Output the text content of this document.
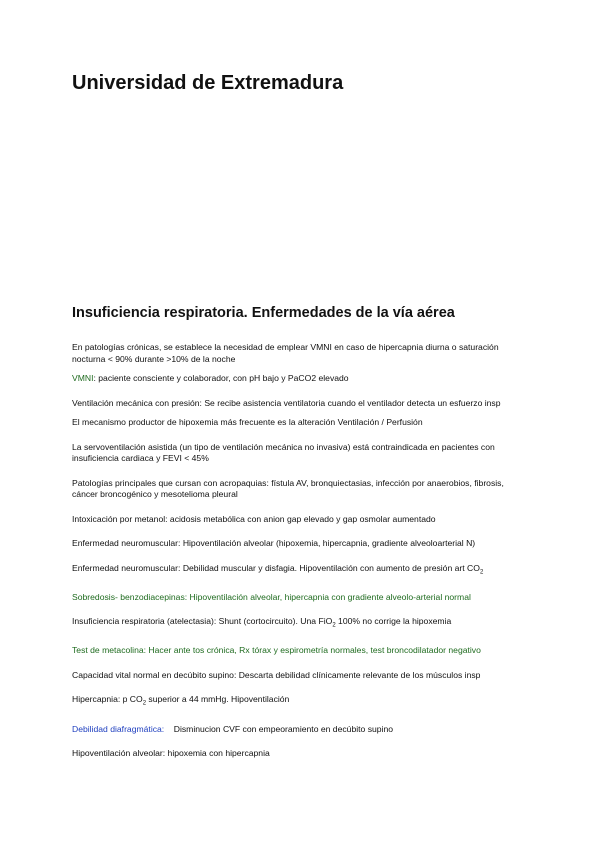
Universidad de Extremadura
Insuficiencia respiratoria. Enfermedades de la vía aérea

En patologías crónicas, se establece la necesidad de emplear VMNI en caso de hipercapnia diurna o saturación nocturna < 90% durante >10% de la noche

VMNI: paciente consciente y colaborador, con pH bajo y PaCO2 elevado

Ventilación mecánica con presión: Se recibe asistencia ventilatoria cuando el ventilador detecta un esfuerzo insp

El mecanismo productor de hipoxemia más frecuente es la alteración Ventilación / Perfusión

La servoventilación asistida (un tipo de ventilación mecánica no invasiva) está contraindicada en pacientes con insuficiencia cardiaca y FEVI < 45%

Patologías principales que cursan con acropaquias: fístula AV, bronquiectasias, infección por anaerobios, fibrosis, cáncer broncogénico y mesotelioma pleural

Intoxicación por metanol: acidosis metabólica con anion gap elevado y gap osmolar aumentado

Enfermedad neuromuscular: Hipoventilación alveolar (hipoxemia, hipercapnia, gradiente alveoloarterial N)

Enfermedad neuromuscular: Debilidad muscular y disfagia. Hipoventilación con aumento de presión art $CO_2$

Sobredosis- benzodiacepinas: Hipoventilación alveolar, hipercapnia con gradiente alveolo-arterial normal

Insuficiencia respiratoria (atelectasia): Shunt (cortocircuito). Una FiO$_2$ 100% no corrige la hipoxemia

Test de metacolina: Hacer ante tos crónica, Rx tórax y espirometría normales, test broncodilatador negativo

Capacidad vital normal en decúbito supino: Descarta debilidad clínicamente relevante de los músculos insp

Hipercapnia: p $CO_2$ superior a 44 mmHg. Hipoventilación

Debilidad diafragmática:    Disminucion CVF con empeoramiento en decúbito supino

Hipoventilación alveolar: hipoxemia con hipercapnia
